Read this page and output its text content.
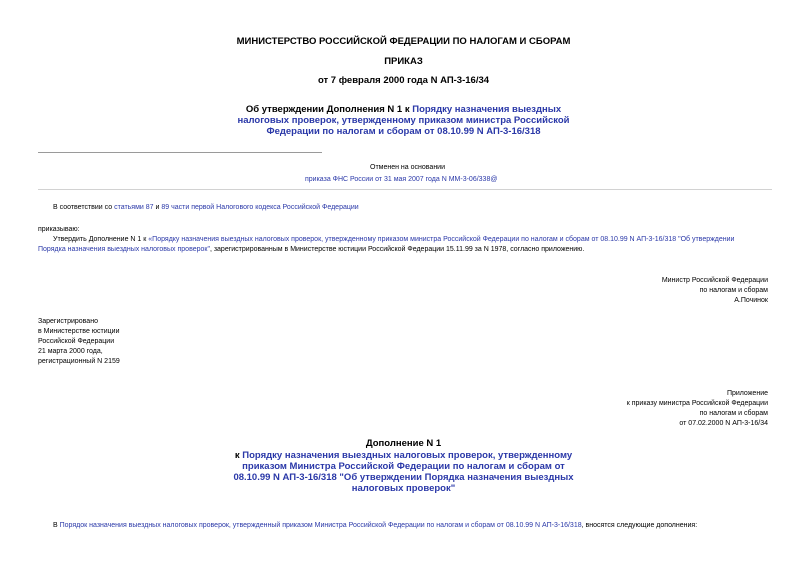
МИНИСТЕРСТВО РОССИЙСКОЙ ФЕДЕРАЦИИ ПО НАЛОГАМ И СБОРАМ
ПРИКАЗ
от 7 февраля 2000 года N АП-3-16/34
Об утверждении Дополнения N 1 к Порядку назначения выездных
налоговых проверок, утвержденному приказом министра Российской
Федерации по налогам и сборам от 08.10.99 N АП-3-16/318
Отменен на основании
приказа ФНС России от 31 мая 2007 года N ММ-3-06/338@
В соответствии со статьями 87 и 89 части первой Налогового кодекса Российской Федерации
приказываю:
Утвердить Дополнение N 1 к «Порядку назначения выездных налоговых проверок, утвержденному приказом министра Российской Федерации по налогам и сборам от 08.10.99 N АП-3-16/318 "Об утверждении
Порядка назначения выездных налоговых проверок", зарегистрированным в Министерстве юстиции Российской Федерации 15.11.99 за N 1978, согласно приложению.
Министр Российской Федерации
по налогам и сборам
А.Починок
Зарегистрировано
в Министерстве юстиции
Российской Федерации
21 марта 2000 года,
регистрационный N 2159
Приложение
к приказу министра Российской Федерации
по налогам и сборам
от 07.02.2000 N АП-3-16/34
Дополнение N 1
к Порядку назначения выездных налоговых проверок, утвержденному
приказом Министра Российской Федерации по налогам и сборам от
08.10.99 N АП-3-16/318 "Об утверждении Порядка назначения выездных
налоговых проверок"
В Порядок назначения выездных налоговых проверок, утвержденный приказом Министра Российской Федерации по налогам и сборам от 08.10.99 N АП-3-16/318, вносятся следующие дополнения:
